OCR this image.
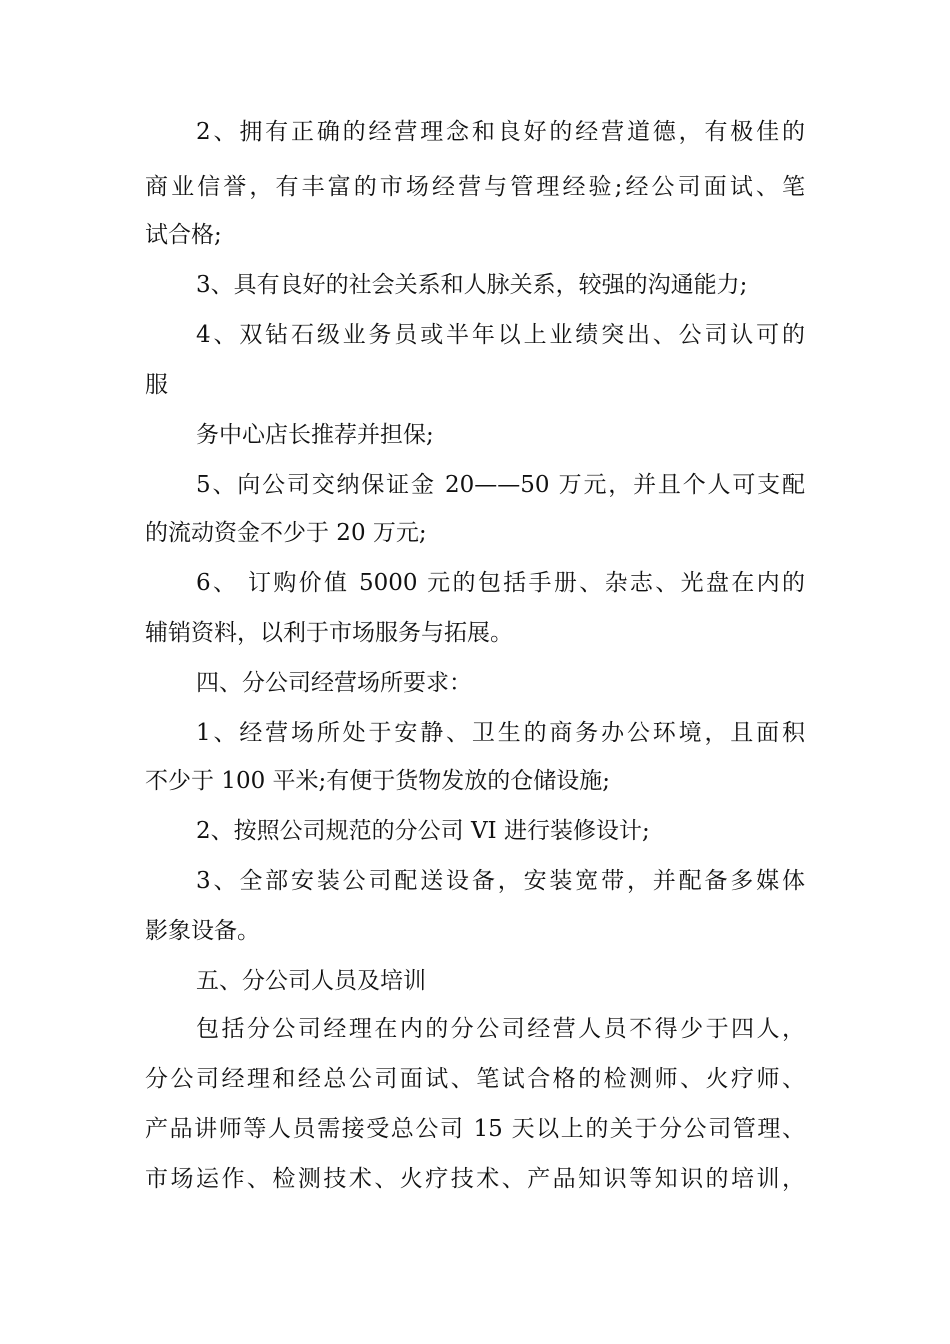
2、拥有正确的经营理念和良好的经营道德，有极佳的
商业信誉，有丰富的市场经营与管理经验;经公司面试、笔
试合格;
3、具有良好的社会关系和人脉关系，较强的沟通能力;
4、双钻石级业务员或半年以上业绩突出、公司认可的
服
务中心店长推荐并担保;
5、向公司交纳保证金 20——50 万元，并且个人可支配
的流动资金不少于 20 万元;
6、 订购价值 5000 元的包括手册、杂志、光盘在内的
辅销资料，以利于市场服务与拓展。
四、分公司经营场所要求：
1、经营场所处于安静、卫生的商务办公环境，且面积
不少于 100 平米;有便于货物发放的仓储设施;
2、按照公司规范的分公司 VI 进行装修设计;
3、全部安装公司配送设备，安装宽带，并配备多媒体
影象设备。
五、分公司人员及培训
包括分公司经理在内的分公司经营人员不得少于四人，
分公司经理和经总公司面试、笔试合格的检测师、火疗师、
产品讲师等人员需接受总公司 15 天以上的关于分公司管理、
市场运作、检测技术、火疗技术、产品知识等知识的培训，
